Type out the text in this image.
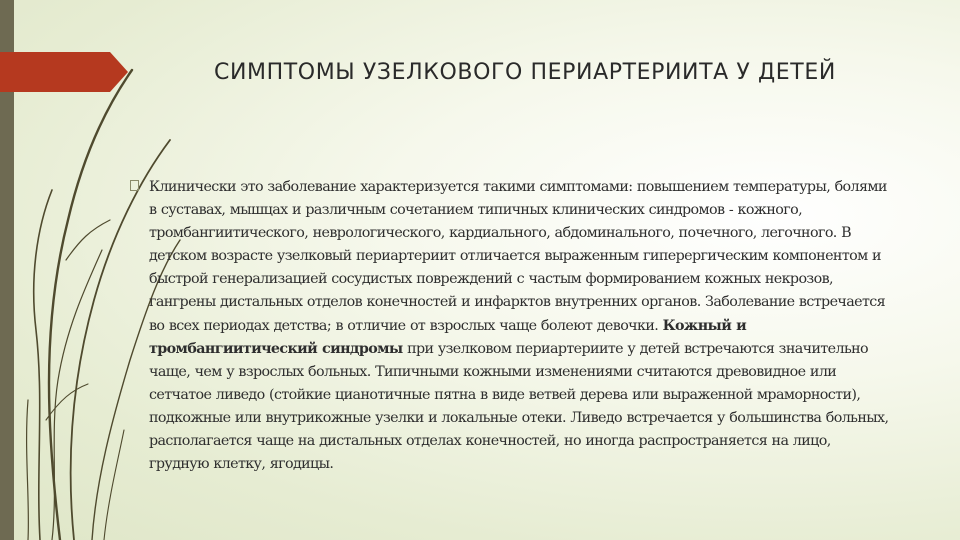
СИМПТОМЫ УЗЕЛКОВОГО ПЕРИАРТЕРИИТА У ДЕТЕЙ

Клинически это заболевание характеризуется такими симптомами: повышением температуры, болями в суставах, мышцах и различным сочетанием типичных клинических синдромов - кожного, тромбангиитического, неврологического, кардиального, абдоминального, почечного, легочного. В детском возрасте узелковый периартериит отличается выраженным гиперергическим компонентом и быстрой генерализацией сосудистых повреждений с частым формированием кожных некрозов, гангрены дистальных отделов конечностей и инфарктов внутренних органов. Заболевание встречается во всех периодах детства; в отличие от взрослых чаще болеют девочки. Кожный и тромбангиитический синдромы при узелковом периартериите у детей встречаются значительно чаще, чем у взрослых больных. Типичными кожными изменениями считаются древовидное или сетчатое ливедо (стойкие цианотичные пятна в виде ветвей дерева или выраженной мраморности), подкожные или внутрикожные узелки и локальные отеки. Ливедо встречается у большинства больных, располагается чаще на дистальных отделах конечностей, но иногда распространяется на лицо, грудную клетку, ягодицы.
